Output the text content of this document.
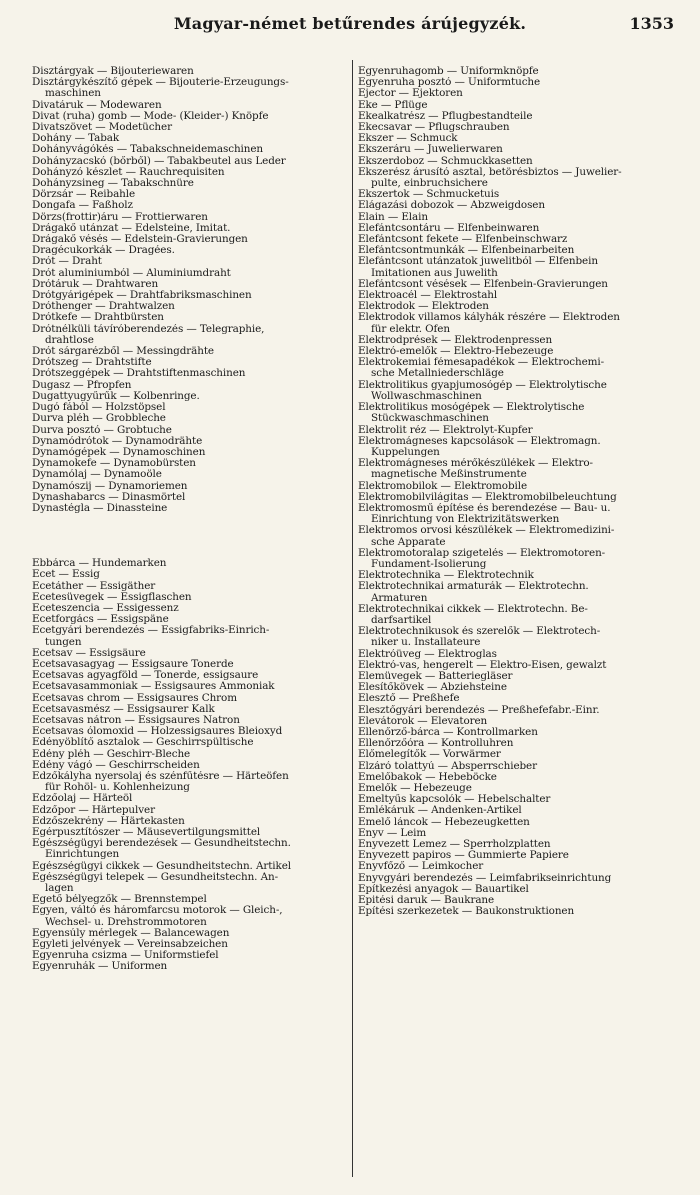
Magyar-német betűrendes árújegyzék.	1353
Disztárgyak — Bijouteriewaren
Disztárgykészítő gépek — Bijouterie-Erzeugungs-
maschinen
Divatáruk — Modewaren
Divat (ruha) gomb — Mode- (Kleider-) Knöpfe
Divatszövet — Modetücher
Dohány — Tabak
Dohányvágókés — Tabakschneidemaschinen
Dohányzacskó (bőrből) — Tabakbeutel aus Leder
Dohányzó készlet — Rauchrequisiten
Dohányzsineg — Tabakschnüre
Dörzsár — Reibahle
Dongafa — Faßholz
Dörzs(frottir)áru — Frottierwaren
Drágakő utánzat — Edelsteine, Imitat.
Drágakő vésés — Edelstein-Gravierungen
Dragécukorkák — Dragées.
Drót — Draht
Drót aluminiumból — Aluminiumdraht
Drótáruk — Drahtwaren
Drótgyárigépek — Drahtfabriksmaschinen
Dróthenger — Drahtwalzen
Drótkefe — Drahtbürsten
Drótnélküli távíróberendezés — Telegraphie,
drahtlose
Drót sárgarézből — Messingdrähte
Drótszeg — Drahtstifte
Drótszeggépek — Drahtstiftenmaschinen
Dugasz — Pfropfen
Dugattyugyűrűk — Kolbenringe.
Dugó fából — Holzstöpsel
Durva pléh — Grobbleche
Durva posztó — Grobtuche
Dynamódrótok — Dynamodrähte
Dynamógépek — Dynamoschinen
Dynamokefe — Dynamobürsten
Dynamólaj — Dynamoöle
Dynamószij — Dynamoriemen
Dynashabarcs — Dinasmörtel
Dynastégla — Dinassteine
Ebbárca — Hundemarken
Ecet — Essig
Ecetáther — Essigäther
Ecetesüvegek — Essigflaschen
Eceteszencia — Essigessenz
Ecetforgács — Essigspäne
Ecetgyári berendezés — Essigfabriks-Einrich-
tungen
Ecetsav — Essigsäure
Ecetsavasagyag — Essigsaure Tonerde
Ecetsavas agyagföld — Tonerde, essigsaure
Ecetsavasammoniak — Essigsaures Ammoniak
Ecetsavas chrom — Essigsaures Chrom
Ecetsavasmész — Essigsaurer Kalk
Ecetsavas nátron — Essigsaures Natron
Ecetsavas ólomoxid — Holzessigsaures Bleioxyd
Edényöblítő asztalok — Geschirrspültische
Edény pléh — Geschirr-Bleche
Edény vágó — Geschirrscheiden
Edzőkályha nyersolaj és szénfűtésre — Härteöfen
für Rohöl- u. Kohlenheizung
Edzőolaj — Härteöl
Edzőpor — Härtepulver
Edzőszekrény — Härtekasten
Egérpusztítószer — Mäusevertilgungsmittel
Egészségügyi berendezések — Gesundheitstechn.
Einrichtungen
Egészségügyi cikkek — Gesundheitstechn. Artikel
Egészségügyi telepek — Gesundheitstechn. An-
lagen
Égető bélyegzők — Brennstempel
Egyen, váltó és háromfarcsu motorok — Gleich-,
Wechsel- u. Drehstrommotoren
Egyensúly mérlegek — Balancewagen
Egyleti jelvények — Vereinsabzeichen
Egyenruha csizma — Uniformstiefel
Egyenruhák — Uniformen
Egyenruhagomb — Uniformknöpfe
Egyenruha posztó — Uniformtuche
Ejector — Ejektoren
Eke — Pflüge
Ekealkatrész — Pflugbestandteile
Ekecsavar — Pflugschrauben
Ékszer — Schmuck
Ékszeráru — Juwelierwaren
Ékszerdoboz — Schmuckkasetten
Ékszerész árusító asztal, betörésbiztos — Juwelier-
pulte, einbruchsichere
Ékszertok — Schmucketuis
Elágazási dobozok — Abzweigdosen
Elain — Elain
Elefántcsontáru — Elfenbeinwaren
Elefántcsont fekete — Elfenbeinschwarz
Elefántcsontmunkák — Elfenbeinarbeiten
Elefántcsont utánzatok juwelitból — Elfenbein
Imitationen aus Juwelith
Elefántcsont vésések — Elfenbein-Gravierungen
Elektroacél — Elektrostahl
Elektrodok — Elektroden
Elektrodok villamos kályhák részére — Elektroden
für elektr. Öfen
Elektrodprések — Elektrodenpressen
Elektró-emelők — Elektro-Hebezeuge
Elektrokemiai fémesapadékok — Elektrochemi-
sche Metallniederschläge
Elektrolitikus gyapjumosógép — Elektrolytische
Wollwaschmaschinen
Elektrolitikus mosógépek — Elektrolytische
Stückwaschmaschinen
Elektrolit réz — Elektrolyt-Kupfer
Elektromágneses kapcsolások — Elektromagn.
Kuppelungen
Elektromágneses mérőkészülékek — Elektro-
magnetische Meßinstrumente
Elektromobilok — Elektromobile
Elektromobilvilágitas — Elektromobilbeleuchtung
Elektromosmű építése és berendezése — Bau- u.
Einrichtung von Elektrizitätswerken
Elektromos orvosi készülékek — Elektromedizini-
sche Apparate
Elektromotoralap szigetelés — Elektromotoren-
Fundament-Isolierung
Elektrotechnika — Elektrotechnik
Elektrotechnikai armaturák — Elektrotechn.
Armaturen
Elektrotechnikai cikkek — Elektrotechn. Be-
darfsartikel
Elektrotechnikusok és szerelők — Elektrotech-
niker u. Installateure
Elektróüveg — Elektroglas
Elektró-vas, hengerelt — Elektro-Eisen, gewalzt
Elemüvegek — Batteriegläser
Élesítőkövek — Abziehsteine
Élesztő — Preßhefe
Élesztőgyári berendezés — Preßhefefabr.-Einr.
Elevátorok — Elevatoren
Ellenőrző-bárca — Kontrollmarken
Ellenőrzőóra — Kontrolluhren
Előmelegítők — Vorwärmer
Elzáró tolattyú — Absperrschieber
Emelőbakok — Hebeböcke
Emelők — Hebezeuge
Emeltyűs kapcsolók — Hebelschalter
Emlékáruk — Andenken-Artikel
Emelő láncok — Hebezeugketten
Enyv — Leim
Enyvezett Lemez — Sperrholzplatten
Enyvezett papiros — Gummierte Papiere
Enyvfőző — Leimkocher
Enyvgyári berendezés — Leimfabrikseinrichtung
Építkezési anyagok — Bauartikel
Épitési daruk — Baukrane
Építési szerkezetek — Baukonstruktionen
